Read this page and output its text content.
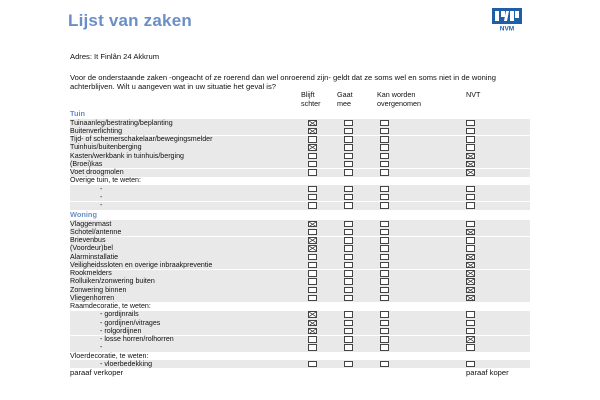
Lijst van zaken	NVM
Adres: It Finlân 24 Akkrum
Voor de onderstaande zaken -ongeacht of ze roerend dan wel onroerend zijn- geldt dat ze soms wel en soms niet in de woning achterblijven. Wilt u aangeven wat in uw situatie het geval is?
Blijft schter
Gaat mee
Kan worden overgenomen
NVT
Tuin
Tuinaanleg/bestrating/beplanting
Buitenverlichting
Tijd- of schemerschakelaar/bewegingsmelder
Tuinhuis/buitenberging
Kasten/werkbank in tuinhuis/berging
(Broei)kas
Voet droogmolen
Overige tuin, te weten:
-
-
-
Woning
Vlaggenmast
Schotel/antenne
Brievenbus
(Voordeur)bel
Alarminstallatie
Veiligheidssloten en overige inbraakpreventie
Rookmelders
Rolluiken/zonwering buiten
Zonwering binnen
Vliegenhorren
Raamdecoratie, te weten:
- gordijnrails
- gordijnen/vitrages
- rolgordijnen
- losse horren/rolhorren
-
Vloerdecoratie, te weten:
- vloerbedekking
paraaf verkoper	paraaf koper
